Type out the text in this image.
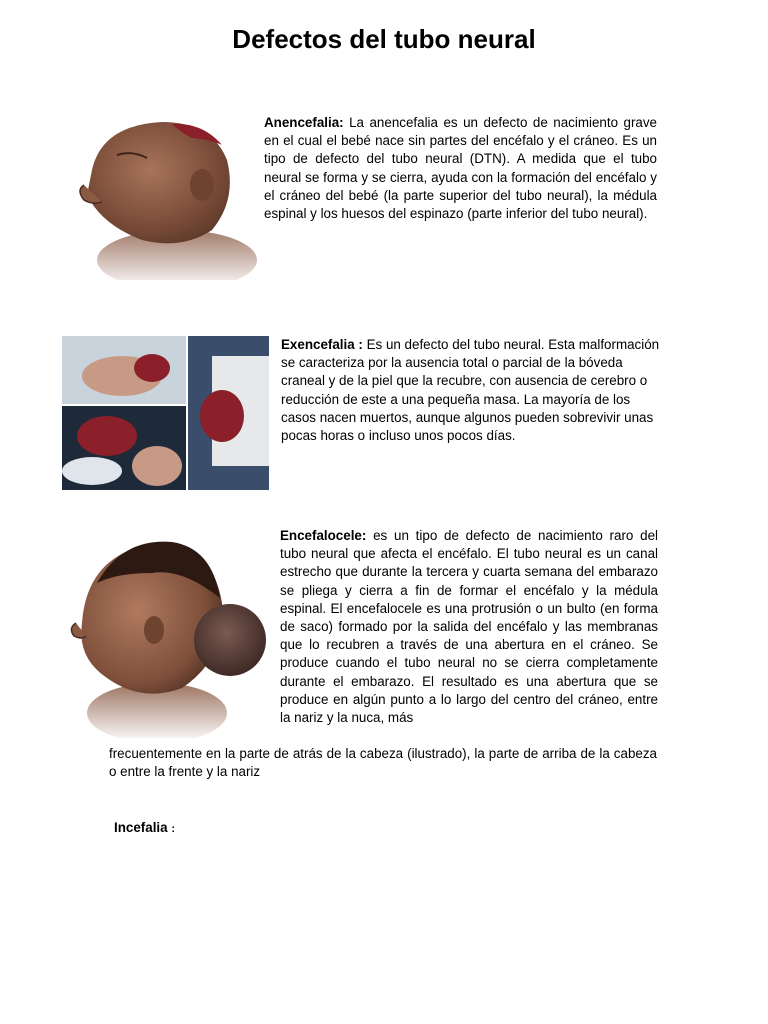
Defectos del tubo neural

Anencefalia: La anencefalia es un defecto de nacimiento grave en el cual el bebé nace sin partes del encéfalo y el cráneo. Es un tipo de defecto del tubo neural (DTN). A medida que el tubo neural se forma y se cierra, ayuda con la formación del encéfalo y el cráneo del bebé (la parte superior del tubo neural), la médula espinal y los huesos del espinazo (parte inferior del tubo neural).

Exencefalia : Es un defecto del tubo neural. Esta malformación se caracteriza por la ausencia total o parcial de la bóveda craneal y de la piel que la recubre, con ausencia de cerebro o reducción de este a una pequeña masa. La mayoría de los casos nacen muertos, aunque algunos pueden sobrevivir unas pocas horas o incluso unos pocos días.

Encefalocele: es un tipo de defecto de nacimiento raro del tubo neural que afecta el encéfalo. El tubo neural es un canal estrecho que durante la tercera y cuarta semana del embarazo se pliega y cierra a fin de formar el encéfalo y la médula espinal. El encefalocele es una protrusión o un bulto (en forma de saco) formado por la salida del encéfalo y las membranas que lo recubren a través de una abertura en el cráneo. Se produce cuando el tubo neural no se cierra completamente durante el embarazo. El resultado es una abertura que se produce en algún punto a lo largo del centro del cráneo, entre la nariz y la nuca, más

frecuentemente en la parte de atrás de la cabeza (ilustrado), la parte de arriba de la cabeza o entre la frente y la nariz

Incefalia :
